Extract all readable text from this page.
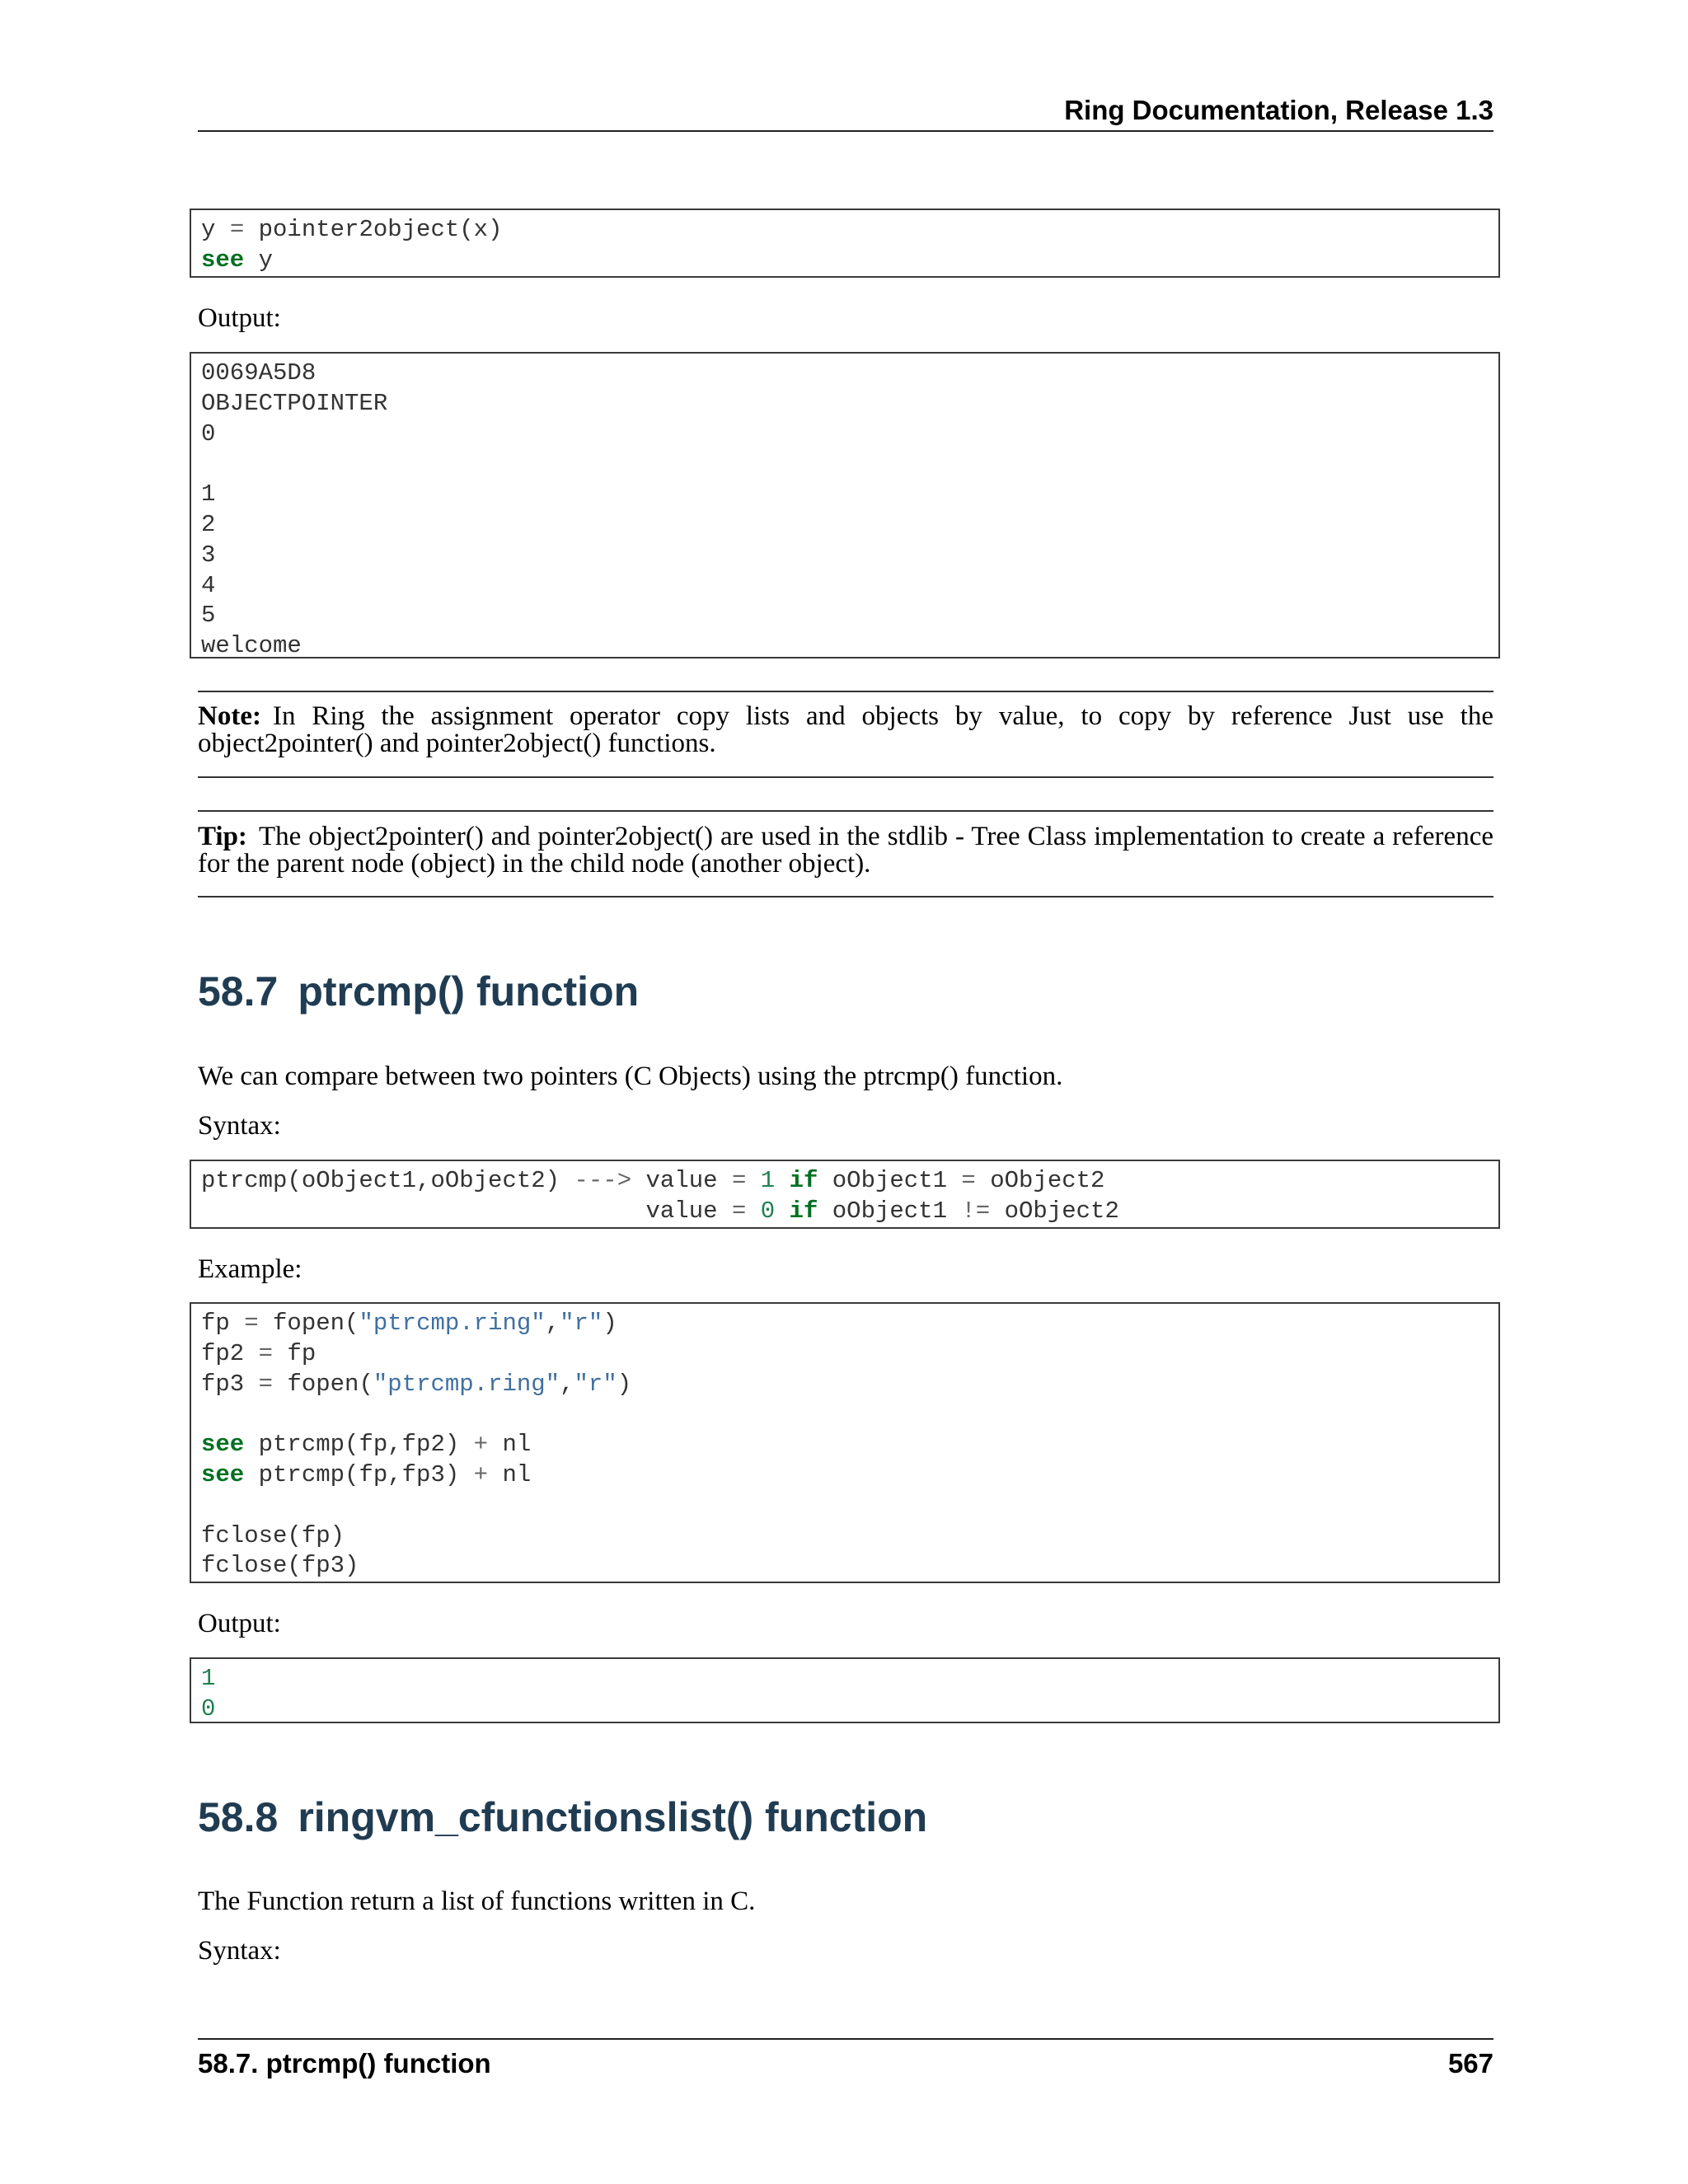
Ring Documentation, Release 1.3
y = pointer2object(x)
see y
Output:
0069A5D8
OBJECTPOINTER
0

1
2
3
4
5
welcome
Note: In Ring the assignment operator copy lists and objects by value, to copy by reference Just use the object2pointer() and pointer2object() functions.
Tip: The object2pointer() and pointer2object() are used in the stdlib - Tree Class implementation to create a reference for the parent node (object) in the child node (another object).
58.7 ptrcmp() function
We can compare between two pointers (C Objects) using the ptrcmp() function.
Syntax:
ptrcmp(oObject1,oObject2) ---> value = 1 if oObject1 = oObject2
value = 0 if oObject1 != oObject2
Example:
fp = fopen("ptrcmp.ring","r")
fp2 = fp
fp3 = fopen("ptrcmp.ring","r")

see ptrcmp(fp,fp2) + nl
see ptrcmp(fp,fp3) + nl

fclose(fp)
fclose(fp3)
Output:
1
0
58.8 ringvm_cfunctionslist() function
The Function return a list of functions written in C.
Syntax:
58.7. ptrcmp() function	567
